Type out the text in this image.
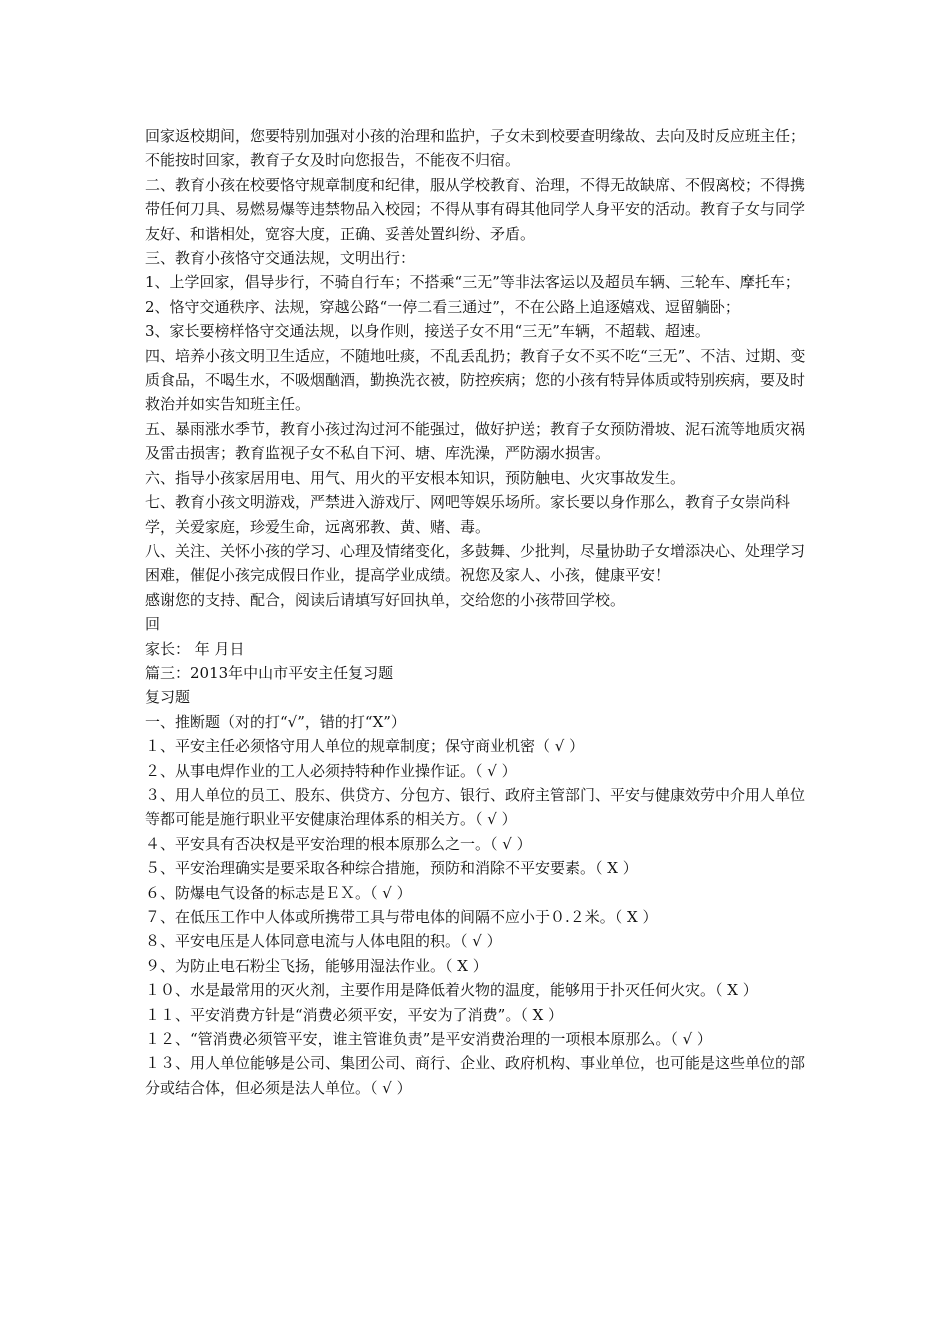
回家返校期间，您要特别加强对小孩的治理和监护，子女未到校要查明缘故、去向及时反应班主任；不能按时回家，教育子女及时向您报告，不能夜不归宿。

二、教育小孩在校要恪守规章制度和纪律，服从学校教育、治理，不得无故缺席、不假离校；不得携带任何刀具、易燃易爆等违禁物品入校园；不得从事有碍其他同学人身平安的活动。教育子女与同学友好、和谐相处，宽容大度，正确、妥善处置纠纷、矛盾。

三、教育小孩恪守交通法规，文明出行：

1、上学回家，倡导步行，不骑自行车；不搭乘“三无”等非法客运以及超员车辆、三轮车、摩托车；

2、恪守交通秩序、法规，穿越公路“一停二看三通过”，不在公路上追逐嬉戏、逗留躺卧；

3、家长要榜样恪守交通法规，以身作则，接送子女不用“三无”车辆，不超载、超速。

四、培养小孩文明卫生适应，不随地吐痰，不乱丢乱扔；教育子女不买不吃“三无”、不洁、过期、变质食品，不喝生水，不吸烟酗酒，勤换洗衣被，防控疾病；您的小孩有特异体质或特别疾病，要及时救治并如实告知班主任。

五、暴雨涨水季节，教育小孩过沟过河不能强过，做好护送；教育子女预防滑坡、泥石流等地质灾祸及雷击损害；教育监视子女不私自下河、塘、库洗澡，严防溺水损害。

六、指导小孩家居用电、用气、用火的平安根本知识，预防触电、火灾事故发生。

七、教育小孩文明游戏，严禁进入游戏厅、网吧等娱乐场所。家长要以身作那么，教育子女崇尚科学，关爱家庭，珍爱生命，远离邪教、黄、赌、毒。

八、关注、关怀小孩的学习、心理及情绪变化，多鼓舞、少批判，尽量协助子女增添决心、处理学习困难，催促小孩完成假日作业，提高学业成绩。祝您及家人、小孩，健康平安！

感谢您的支持、配合，阅读后请填写好回执单，交给您的小孩带回学校。

回

家长： 年 月日

篇三：2013年中山市平安主任复习题

复习题

一、推断题（对的打“√”，错的打“X”）

１、平安主任必须恪守用人单位的规章制度；保守商业机密（ √ ）

２、从事电焊作业的工人必须持特种作业操作证。（ √ ）

３、用人单位的员工、股东、供贷方、分包方、银行、政府主管部门、平安与健康效劳中介用人单位等都可能是施行职业平安健康治理体系的相关方。（ √ ）

４、平安具有否决权是平安治理的根本原那么之一。（ √ ）

５、平安治理确实是要采取各种综合措施，预防和消除不平安要素。（ X ）

６、防爆电气设备的标志是ＥＸ。（ √ ）

７、在低压工作中人体或所携带工具与带电体的间隔不应小于０.２米。（ X ）

８、平安电压是人体同意电流与人体电阻的积。（ √ ）

９、为防止电石粉尘飞扬，能够用湿法作业。（ X ）

１０、水是最常用的灭火剂，主要作用是降低着火物的温度，能够用于扑灭任何火灾。（ X ）

１１、平安消费方针是“消费必须平安，平安为了消费”。（ X ）

１２、“管消费必须管平安，谁主管谁负责”是平安消费治理的一项根本原那么。（ √ ）

１３、用人单位能够是公司、集团公司、商行、企业、政府机构、事业单位，也可能是这些单位的部分或结合体，但必须是法人单位。（ √ ）
